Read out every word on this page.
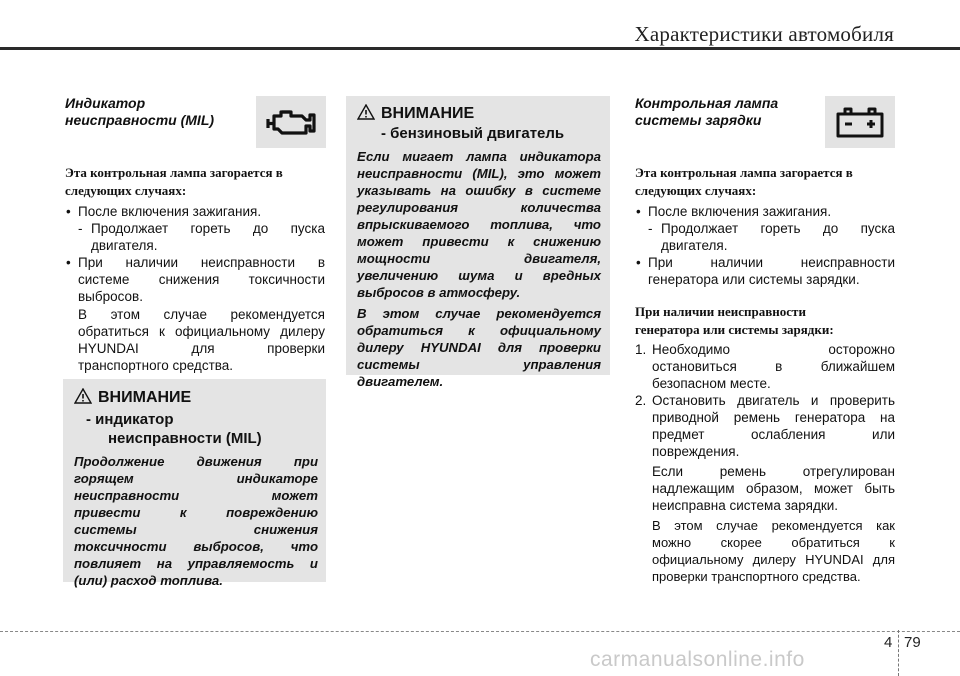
Характеристики автомобиля
Индикатор
неисправности (MIL)
Эта контрольная лампа загорается в
следующих случаях:
• После включения зажигания.
- Продолжает гореть до пуска
двигателя.
• При наличии неисправности в
системе снижения токсичности
выбросов.
В этом случае рекомендуется
обратиться к официальному дилеру
HYUNDAI для проверки
транспортного средства.
ВНИМАНИЕ
- индикатор
неисправности (MIL)
Продолжение движения при
горящем индикаторе
неисправности может
привести к повреждению
системы снижения
токсичности выбросов, что
повлияет на управляемость и
(или) расход топлива.
ВНИМАНИЕ
- бензиновый двигатель
Если мигает лампа индикатора
неисправности (MIL), это может
указывать на ошибку в системе
регулирования количества
впрыскиваемого топлива, что
может привести к снижению
мощности двигателя,
увеличению шума и вредных
выбросов в атмосферу.
В этом случае рекомендуется
обратиться к официальному
дилеру HYUNDAI для проверки
системы управления
двигателем.
Контрольная лампа
системы зарядки
Эта контрольная лампа загорается в
следующих случаях:
• После включения зажигания.
- Продолжает гореть до пуска
двигателя.
• При наличии неисправности
генератора или системы зарядки.
При наличии неисправности
генератора или системы зарядки:
1. Необходимо осторожно
остановиться в ближайшем
безопасном месте.
2. Остановить двигатель и проверить
приводной ремень генератора на
предмет ослабления или
повреждения.
Если ремень отрегулирован
надлежащим образом, может быть
неисправна система зарядки.
В этом случае рекомендуется как
можно скорее обратиться к
официальному дилеру HYUNDAI для
проверки транспортного средства.
4 79
carmanualsonline.info
